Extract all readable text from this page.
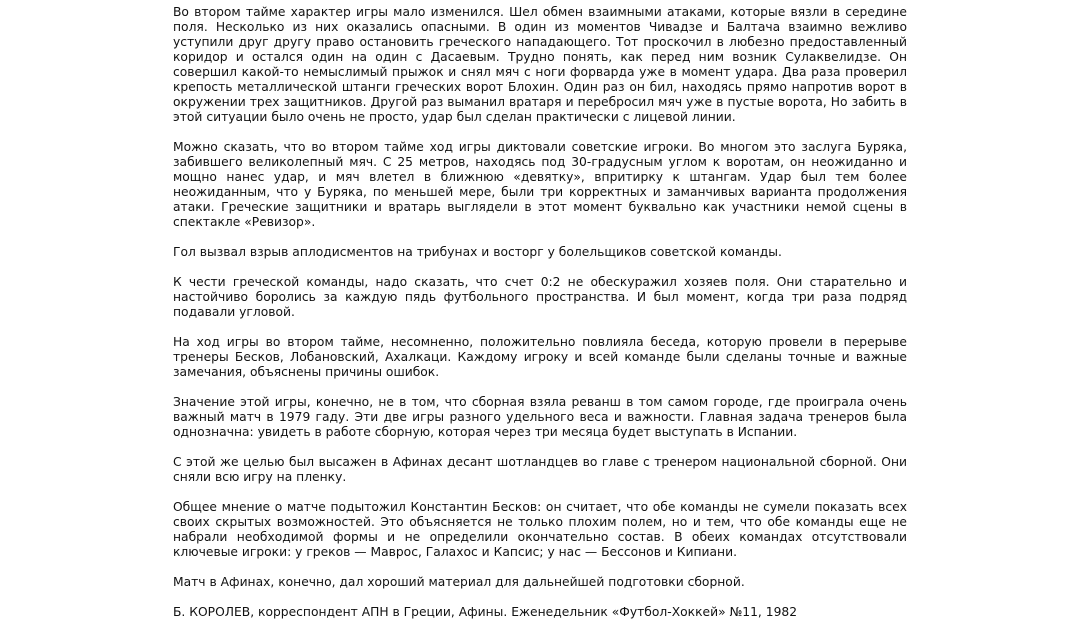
Во втором тайме характер игры мало изменился. Шел обмен взаимными атаками, которые вязли в середине поля. Несколько из них оказались опасными. В один из моментов Чивадзе и Балтача взаимно вежливо уступили друг другу право остановить греческого нападающего. Тот проскочил в любезно предоставленный коридор и остался один на один с Дасаевым. Трудно понять, как перед ним возник Сулаквелидзе. Он совершил какой-то немыслимый прыжок и снял мяч с ноги форварда уже в момент удара. Два раза проверил крепость металлической штанги греческих ворот Блохин. Один раз он бил, находясь прямо напротив ворот в окружении трех защитников. Другой раз выманил вратаря и перебросил мяч уже в пустые ворота, Но забить в этой ситуации было очень не просто, удар был сделан практически с лицевой линии.

Можно сказать, что во втором тайме ход игры диктовали советские игроки. Во многом это заслуга Буряка, забившего великолепный мяч. С 25 метров, находясь под 30-градусным углом к воротам, он неожиданно и мощно нанес удар, и мяч влетел в ближнюю «девятку», впритирку к штангам. Удар был тем более неожиданным, что у Буряка, по меньшей мере, были три корректных и заманчивых варианта продолжения атаки. Греческие защитники и вратарь выглядели в этот момент буквально как участники немой сцены в спектакле «Ревизор».

Гол вызвал взрыв аплодисментов на трибунах и восторг у болельщиков советской команды.

К чести греческой команды, надо сказать, что счет 0:2 не обескуражил хозяев поля. Они старательно и настойчиво боролись за каждую пядь футбольного пространства. И был момент, когда три раза подряд подавали угловой.

На ход игры во втором тайме, несомненно, положительно повлияла беседа, которую провели в перерыве тренеры Бесков, Лобановский, Ахалкаци. Каждому игроку и всей команде были сделаны точные и важные замечания, объяснены причины ошибок.

Значение этой игры, конечно, не в том, что сборная взяла реванш в том самом городе, где проиграла очень важный матч в 1979 гаду. Эти две игры разного удельного веса и важности. Главная задача тренеров была однозначна: увидеть в работе сборную, которая через три месяца будет выступать в Испании.

С этой же целью был высажен в Афинах десант шотландцев во главе с тренером национальной сборной. Они сняли всю игру на пленку.

Общее мнение о матче подытожил Константин Бесков: он считает, что обе команды не сумели показать всех своих скрытых возможностей. Это объясняется не только плохим полем, но и тем, что обе команды еще не набрали необходимой формы и не определили окончательно состав. В обеих командах отсутствовали ключевые игроки: у греков — Маврос, Галахос и Капсис; у нас — Бессонов и Кипиани.

Матч в Афинах, конечно, дал хороший материал для дальнейшей подготовки сборной.

Б. КОРОЛЕВ, корреспондент АПН в Греции, Афины. Еженедельник «Футбол-Хоккей» №11, 1982
